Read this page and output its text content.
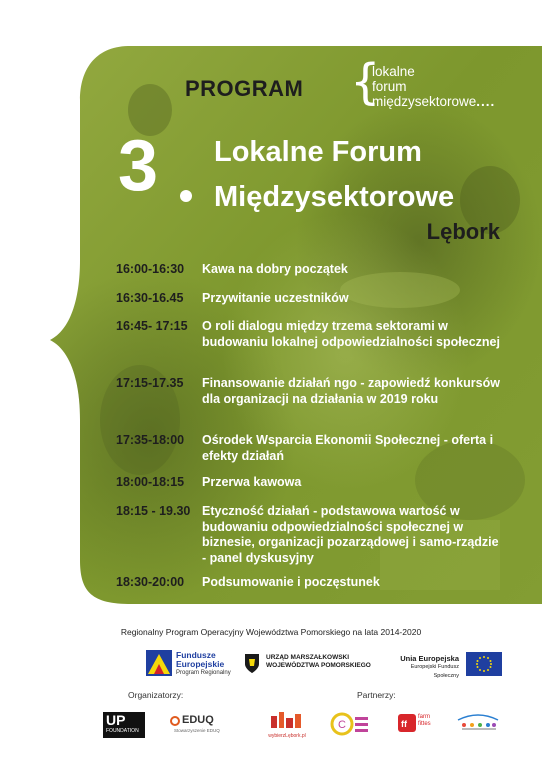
PROGRAM {
lokalne
forum
międzysektorowe....
3 Lokalne Forum
Międzysektorowe
Lębork
16:00-16:30	Kawa na dobry początek
16:30-16.45	Przywitanie uczestników
16:45- 17:15	O roli dialogu między trzema sektorami w budowaniu lokalnej odpowiedzialności społecznej
17:15-17.35	Finansowanie działań ngo - zapowiedź konkursów dla organizacji na działania w 2019 roku
17:35-18:00	Ośrodek Wsparcia Ekonomii Społecznej - oferta i efekty działań
18:00-18:15	Przerwa kawowa
18:15 - 19.30 Etyczność działań - podstawowa wartość w budowaniu odpowiedzialności społecznej w biznesie, organizacji pozarządowej i samo-rządzie - panel dyskusyjny
18:30-20:00	Podsumowanie i poczęstunek
Regionalny Program Operacyjny Województwa Pomorskiego na lata 2014-2020
Fundusze
Europejskie
Program Regionalny
URZĄD MARSZAŁKOWSKI
WOJEWÓDZTWA POMORSKIEGO
Unia Europejska
Europejski Fundusz Społeczny
Organizatorzy:	Partnerzy:
UP
FOUNDATION
EDUQ
Stowarzyszenie EDUQ
wybierzLębork.pl
C	ff
farm
fittes
